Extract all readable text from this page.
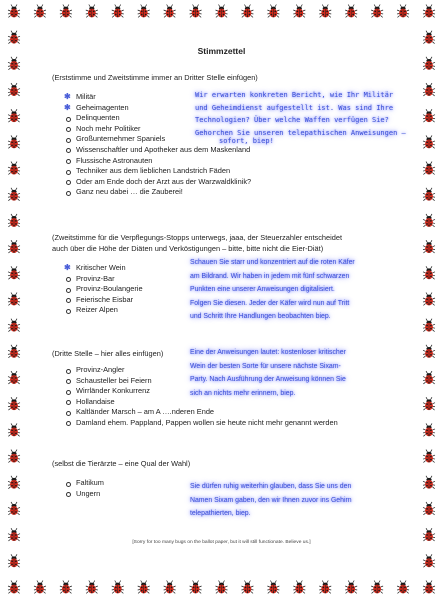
Stimmzettel
(Erststimme und Zweitstimme immer an Dritter Stelle einfügen)
✱ Militär
✱ Geheimagenten
Delinquenten
Noch mehr Politiker
Großunternehmer Spaniels
Wissenschaftler und Apotheker aus dem Maskenland
Flussische Astronauten
Techniker aus dem lieblichen Landstrich Fäden
Oder am Ende doch der Arzt aus der Warzwaldklinik?
Ganz neu dabei … die Zauberei!
Wir erwarten konkreten Bericht, wie Ihr Militär
und Geheimdienst aufgestellt ist. Was sind Ihre
Technologien? Über welche Waffen verfügen Sie?
Gehorchen Sie unseren telepathischen Anweisungen –
sofort, biep!
(Zweitstimme für die Verpflegungs-Stopps unterwegs, jaaa, der Steuerzahler entscheidet
auch über die Höhe der Diäten und Verköstigungen – bitte, bitte nicht die Eier-Diät)
✱ Kritischer Wein
Provinz-Bar
Provinz-Boulangerie
Feierische Eisbar
Reizer Alpen
Schauen Sie starr und konzentriert auf die roten Käfer
am Bildrand. Wir haben in jedem mit fünf schwarzen
Punkten eine unserer Anweisungen digitalisiert.
Folgen Sie diesen. Jeder der Käfer wird nun auf Tritt
und Schritt Ihre Handlungen beobachten biep.
(Dritte Stelle – hier alles einfügen)
Provinz-Angler
Schausteller bei Feiern
Wirrländer Konkurrenz
Hollandaise
Kaltländer Marsch – am A ….nderen Ende
Damland ehem. Pappland, Pappen wollen sie heute nicht mehr genannt werden
Eine der Anweisungen lautet: kostenloser kritischer
Wein der besten Sorte für unsere nächste Sixam-
Party. Nach Ausführung der Anweisung können Sie
sich an nichts mehr erinnern, biep.
(selbst die Tierärzte – eine Qual der Wahl)
Faltikum
Ungern
Sie dürfen ruhig weiterhin glauben, dass Sie uns den
Namen Sixam gaben, den wir Ihnen zuvor ins Gehirn
telepathierten, biep.
[Sorry for too many bugs on the ballot paper, but it will still functionate. Believe us.]
